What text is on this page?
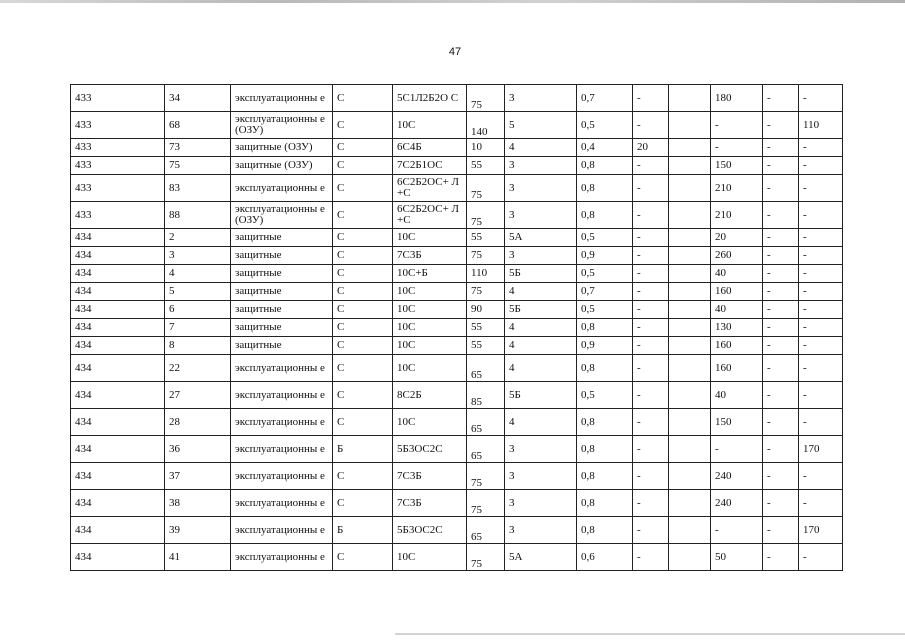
47
433	34	эксплуатационны е	С	5С1Л2Б2О С	75	3	0,7	-		180	-	-
433	68	эксплуатационны е (ОЗУ)	С	10С	140	5	0,5	-		-	-	110
433	73	защитные (ОЗУ)	С	6С4Б	10	4	0,4	20		-	-	-
433	75	защитные (ОЗУ)	С	7С2Б1ОС	55	3	0,8	-		150	-	-
433	83	эксплуатационны е	С	6С2Б2ОС+ Л+С	75	3	0,8	-		210	-	-
433	88	эксплуатационны е (ОЗУ)	С	6С2Б2ОС+ Л+С	75	3	0,8	-		210	-	-
434	2	защитные	С	10С	55	5А	0,5	-		20	-	-
434	3	защитные	С	7С3Б	75	3	0,9	-		260	-	-
434	4	защитные	С	10С+Б	110	5Б	0,5	-		40	-	-
434	5	защитные	С	10С	75	4	0,7	-		160	-	-
434	6	защитные	С	10С	90	5Б	0,5	-		40	-	-
434	7	защитные	С	10С	55	4	0,8	-		130	-	-
434	8	защитные	С	10С	55	4	0,9	-		160	-	-
434	22	эксплуатационны е	С	10С	65	4	0,8	-		160	-	-
434	27	эксплуатационны е	С	8С2Б	85	5Б	0,5	-		40	-	-
434	28	эксплуатационны е	С	10С	65	4	0,8	-		150	-	-
434	36	эксплуатационны е	Б	5Б3ОС2С	65	3	0,8	-		-	-	170
434	37	эксплуатационны е	С	7С3Б	75	3	0,8	-		240	-	-
434	38	эксплуатационны е	С	7С3Б	75	3	0,8	-		240	-	-
434	39	эксплуатационны е	Б	5Б3ОС2С	65	3	0,8	-		-	-	170
434	41	эксплуатационны е	С	10С	75	5А	0,6	-		50	-	-
